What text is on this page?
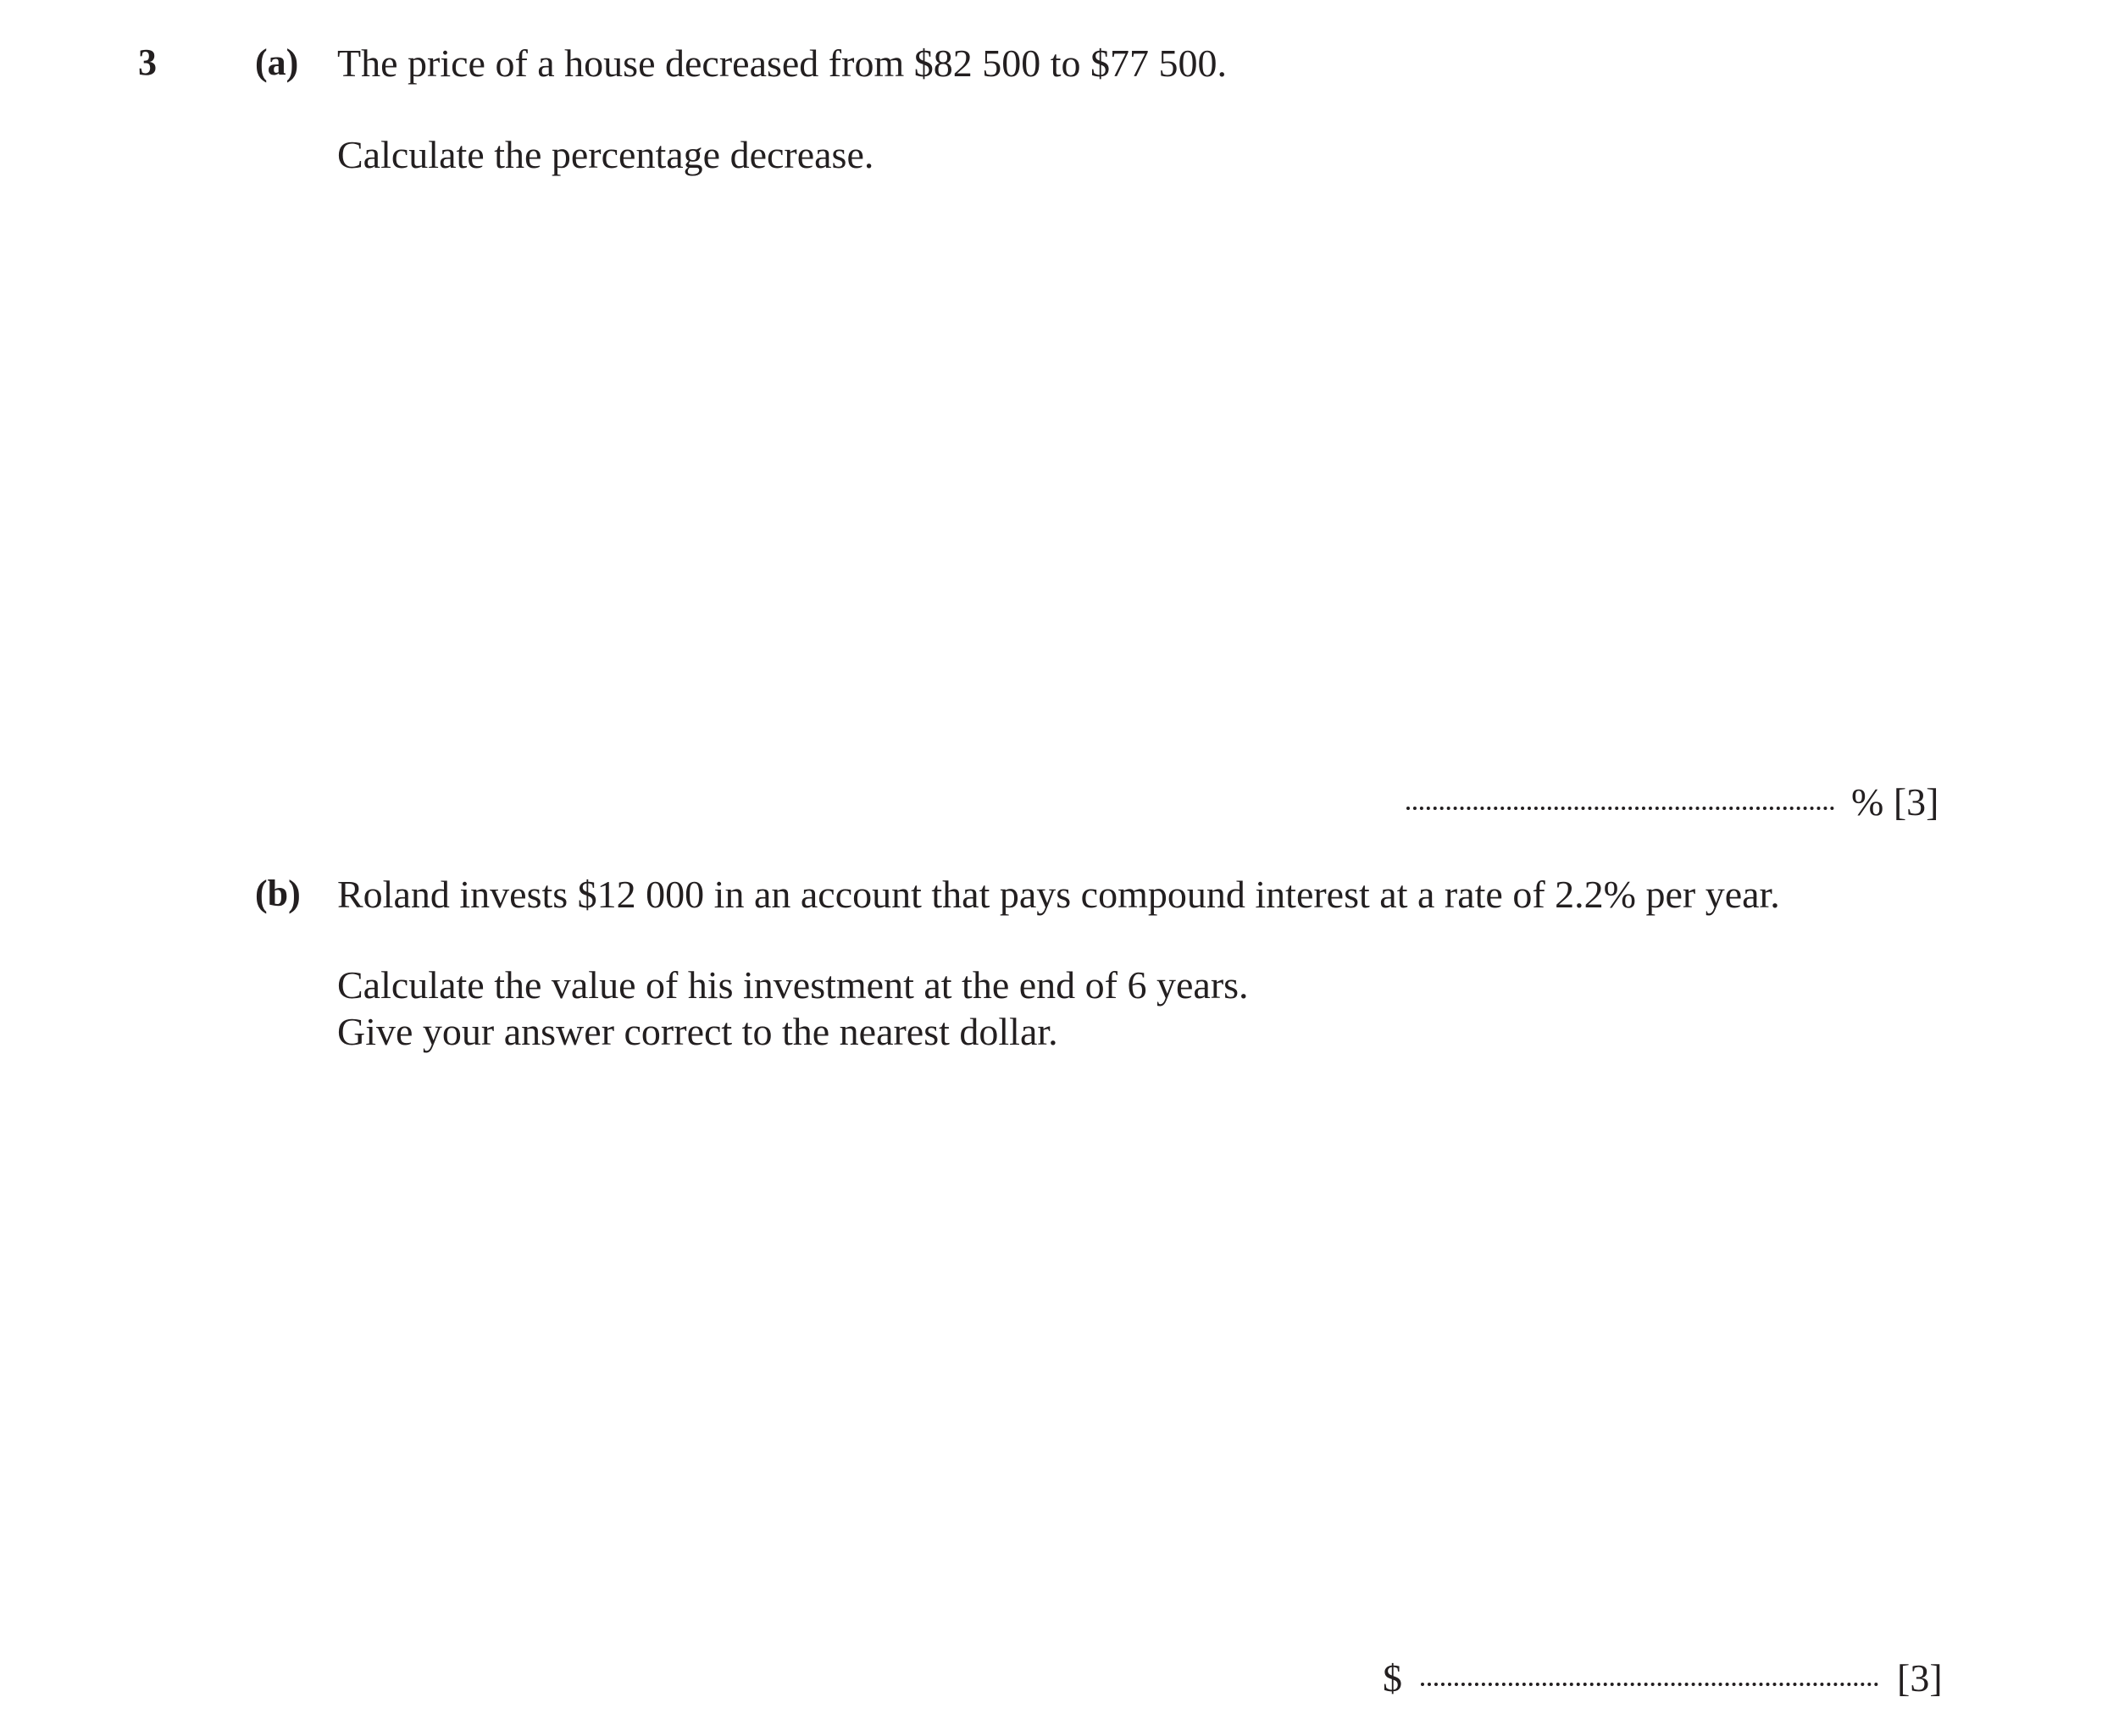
3	(a) The price of a house decreased from $82 500 to $77 500.
Calculate the percentage decrease.
% [3]
(b) Roland invests $12 000 in an account that pays compound interest at a rate of 2.2% per year.
Calculate the value of his investment at the end of 6 years.
Give your answer correct to the nearest dollar.
$	[3]
